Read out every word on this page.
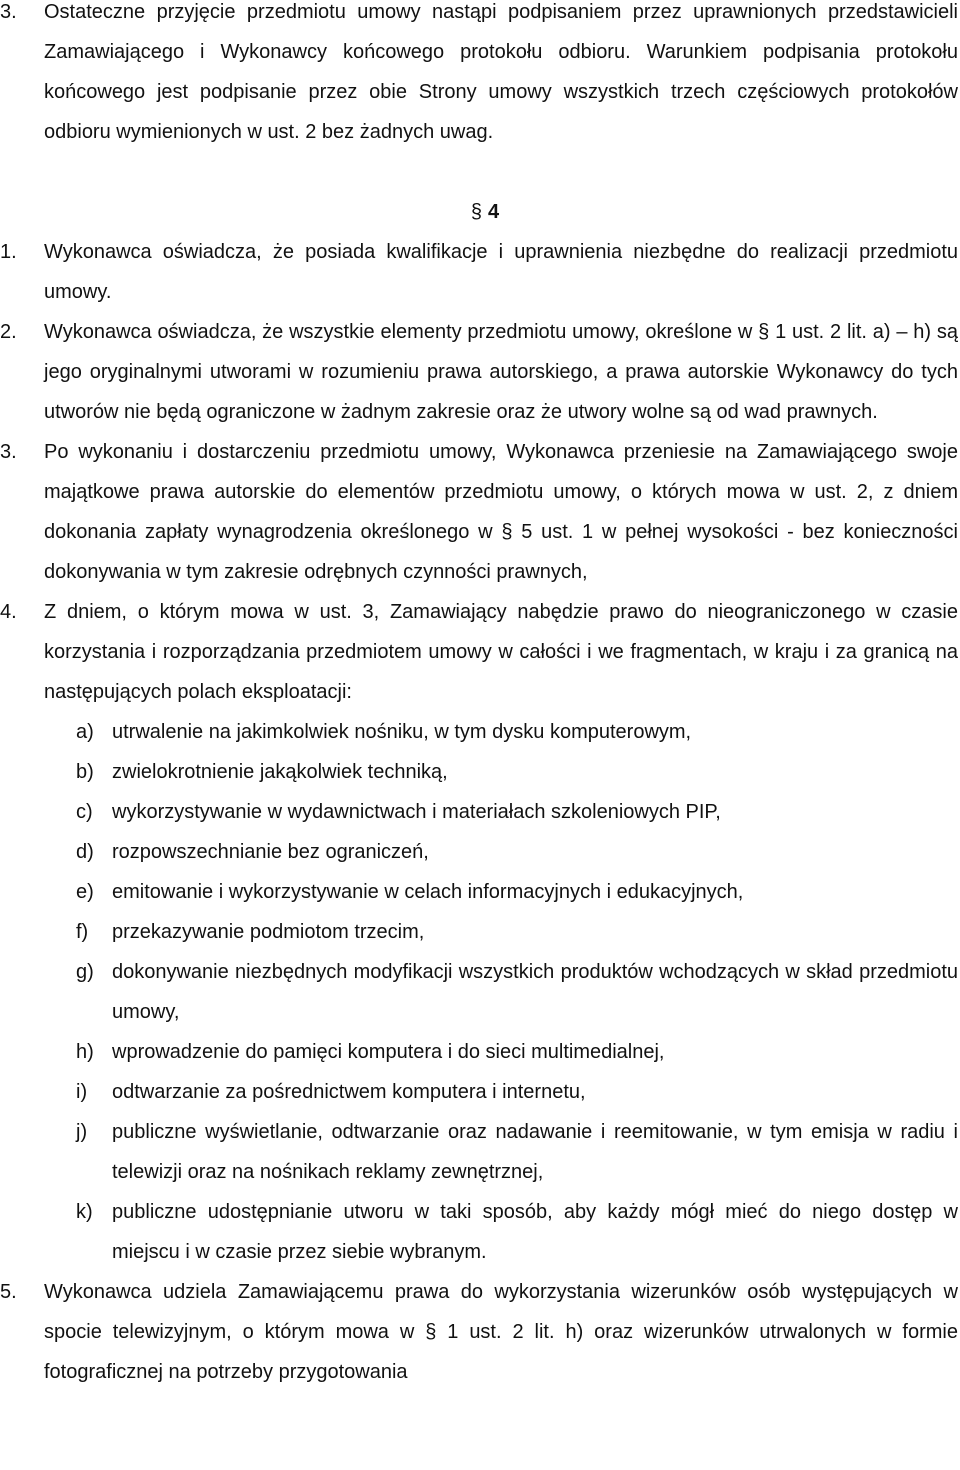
3. Ostateczne przyjęcie przedmiotu umowy nastąpi podpisaniem przez uprawnionych przedstawicieli Zamawiającego i Wykonawcy końcowego protokołu odbioru. Warunkiem podpisania protokołu końcowego jest podpisanie przez obie Strony umowy wszystkich trzech częściowych protokołów odbioru wymienionych w ust. 2 bez żadnych uwag.
§ 4
1. Wykonawca oświadcza, że posiada kwalifikacje i uprawnienia niezbędne do realizacji przedmiotu umowy.
2. Wykonawca oświadcza, że wszystkie elementy przedmiotu umowy, określone w § 1 ust. 2 lit. a) – h) są jego oryginalnymi utworami w rozumieniu prawa autorskiego, a prawa autorskie Wykonawcy do tych utworów nie będą ograniczone w żadnym zakresie oraz że utwory wolne są od wad prawnych.
3. Po wykonaniu i dostarczeniu przedmiotu umowy, Wykonawca przeniesie na Zamawiającego swoje majątkowe prawa autorskie do elementów przedmiotu umowy, o których mowa w ust. 2, z dniem dokonania zapłaty wynagrodzenia określonego w § 5 ust. 1 w pełnej wysokości - bez konieczności dokonywania w tym zakresie odrębnych czynności prawnych,
4. Z dniem, o którym mowa w ust. 3, Zamawiający nabędzie prawo do nieograniczonego w czasie korzystania i rozporządzania przedmiotem umowy w całości i we fragmentach, w kraju i za granicą na następujących polach eksploatacji:
a) utrwalenie na jakimkolwiek nośniku, w tym dysku komputerowym,
b) zwielokrotnienie jakąkolwiek techniką,
c) wykorzystywanie w wydawnictwach i materiałach szkoleniowych PIP,
d) rozpowszechnianie bez ograniczeń,
e) emitowanie i wykorzystywanie w celach informacyjnych i edukacyjnych,
f) przekazywanie podmiotom trzecim,
g) dokonywanie niezbędnych modyfikacji wszystkich produktów wchodzących w skład przedmiotu umowy,
h) wprowadzenie do pamięci komputera i do sieci multimedialnej,
i) odtwarzanie za pośrednictwem komputera i internetu,
j) publiczne wyświetlanie, odtwarzanie oraz nadawanie i reemitowanie, w tym emisja w radiu i telewizji oraz na nośnikach reklamy zewnętrznej,
k) publiczne udostępnianie utworu w taki sposób, aby każdy mógł mieć do niego dostęp w miejscu i w czasie przez siebie wybranym.
5. Wykonawca udziela Zamawiającemu prawa do wykorzystania wizerunków osób występujących w spocie telewizyjnym, o którym mowa w § 1 ust. 2 lit. h) oraz wizerunków utrwalonych w formie fotograficznej na potrzeby przygotowania
